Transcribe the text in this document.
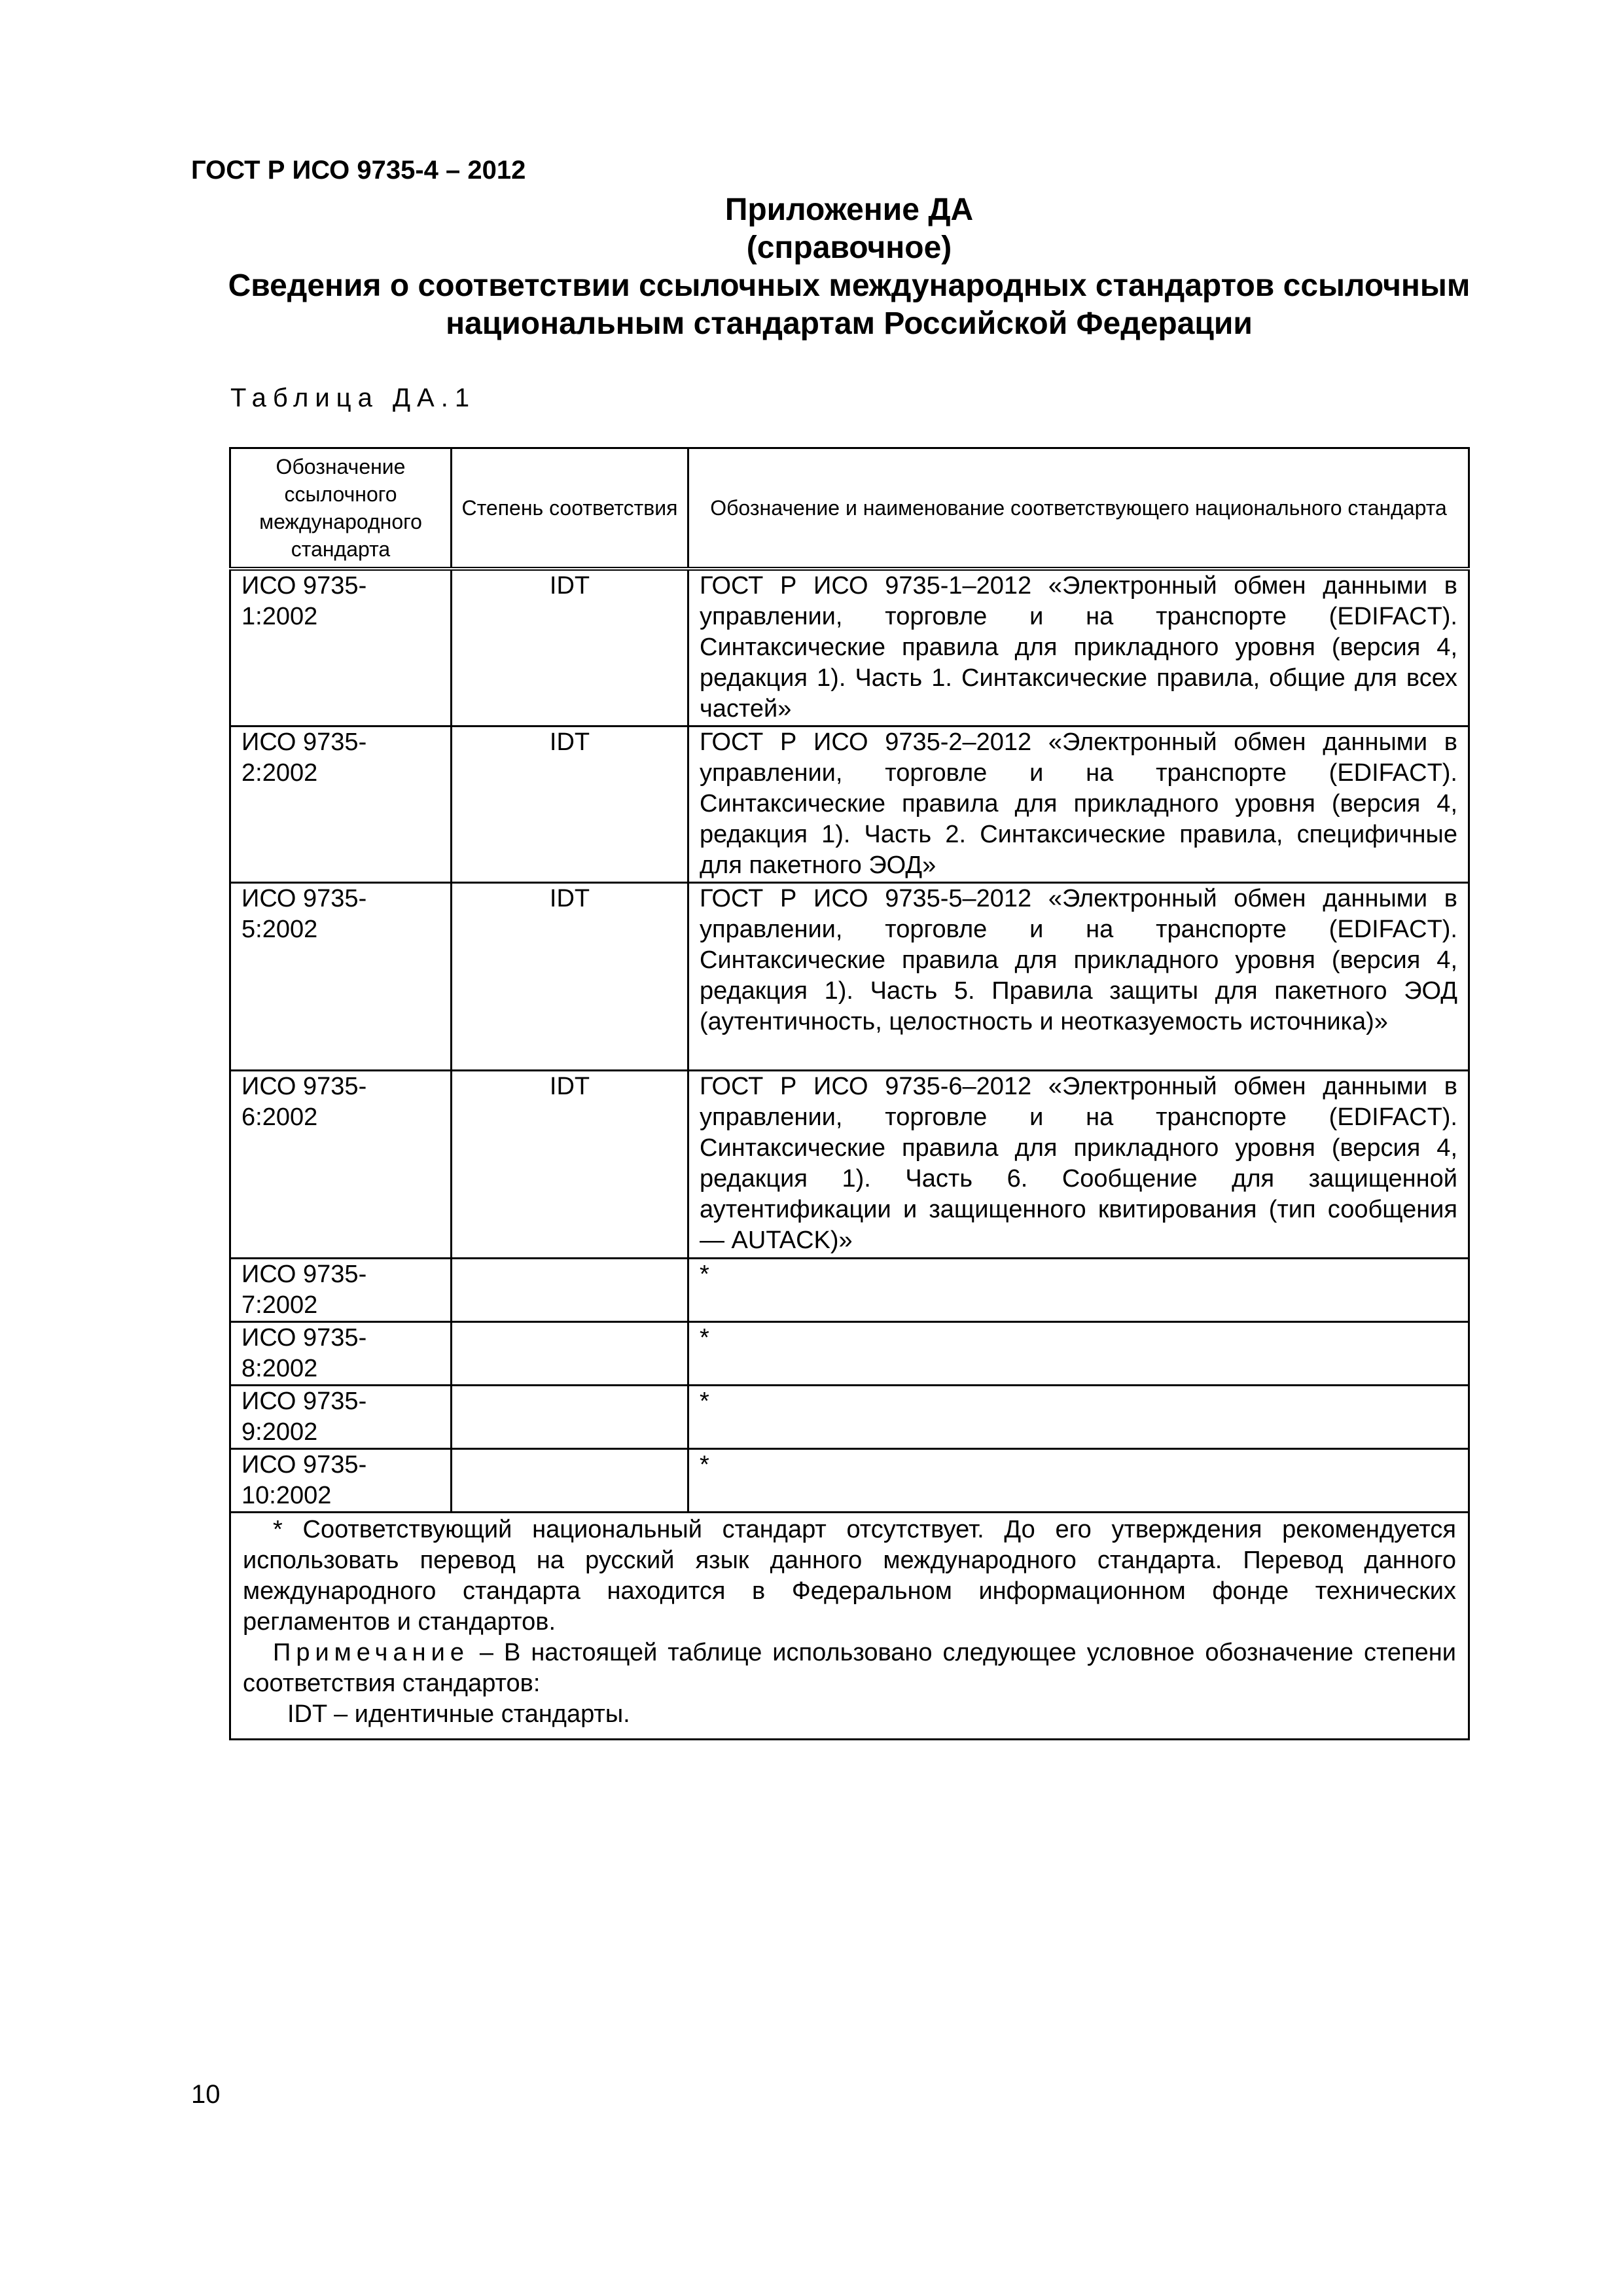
ГОСТ Р ИСО 9735-4 – 2012
Приложение ДА
(справочное)
Сведения о соответствии ссылочных международных стандартов ссылочным
национальным стандартам Российской Федерации
Таблица ДА.1
Обозначение ссылочного международного стандарта	Степень соответствия	Обозначение и наименование соответствующего национального стандарта
ИСО 9735-1:2002	IDT	ГОСТ Р ИСО 9735-1–2012 «Электронный обмен данными в управлении, торговле и на транспорте (EDIFACT). Синтаксические правила для прикладного уровня (версия 4, редакция 1). Часть 1. Синтаксические правила, общие для всех частей»
ИСО 9735-2:2002	IDT	ГОСТ Р ИСО 9735-2–2012 «Электронный обмен данными в управлении, торговле и на транспорте (EDIFACT). Синтаксические правила для прикладного уровня (версия 4, редакция 1). Часть 2. Синтаксические правила, специфичные для пакетного ЭОД»
ИСО 9735-5:2002	IDT	ГОСТ Р ИСО 9735-5–2012 «Электронный обмен данными в управлении, торговле и на транспорте (EDIFACT). Синтаксические правила для прикладного уровня (версия 4, редакция 1). Часть 5. Правила защиты для пакетного ЭОД (аутентичность, целостность и неотказуемость источника)»
ИСО 9735-6:2002	IDT	ГОСТ Р ИСО 9735-6–2012 «Электронный обмен данными в управлении, торговле и на транспорте (EDIFACT). Синтаксические правила для прикладного уровня (версия 4, редакция 1). Часть 6. Сообщение для защищенной аутентификации и защищенного квитирования (тип сообщения — AUTACK)»
ИСО 9735-7:2002		*
ИСО 9735-8:2002		*
ИСО 9735-9:2002		*
ИСО 9735-10:2002		*

* Соответствующий национальный стандарт отсутствует. До его утверждения рекомендуется использовать перевод на русский язык данного международного стандарта. Перевод данного международного стандарта находится в Федеральном информационном фонде технических регламентов и стандартов.
Примечание – В настоящей таблице использовано следующее условное обозначение степени соответствия стандартов:
IDT – идентичные стандарты.		
10
